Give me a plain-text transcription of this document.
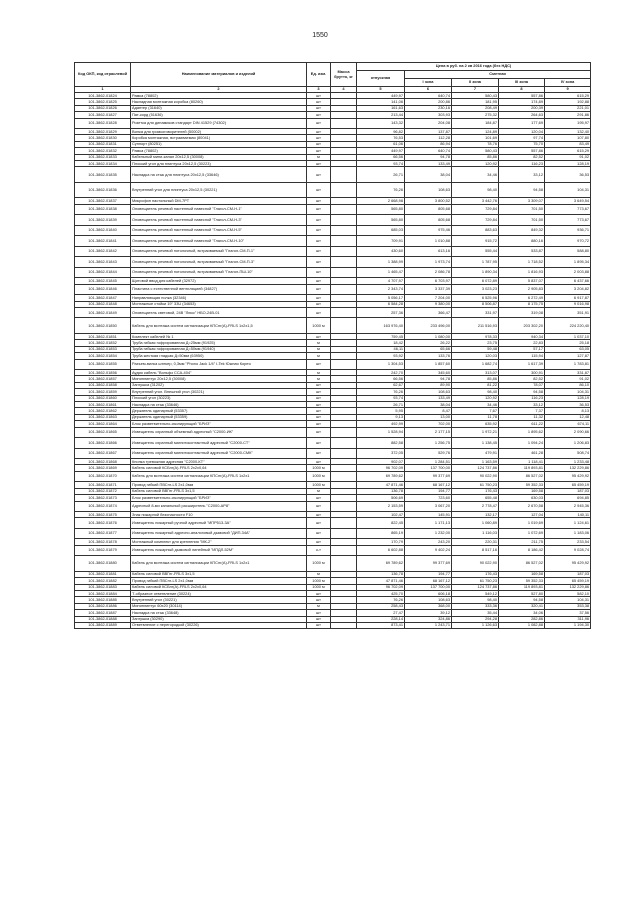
1550
Код ОКП, код отраслевой	Наименование материалов и изделий	Ед. изм.	Масса брутто, кг	Цена в руб. на 2 кв 2016 года (без НДС)				
				отпускная	Сметная			
					I зона	II зона	III зона	IV зона
1	2	3	4	5	6	7	8	9
101-3862-01824	Рамка (78802)	шт		449,97	640,74	580,43	557,86	615,29
101-3862-01825	Накладная монтажная коробка (80260)	шт		141,06	200,86	181,95	174,89	192,88
101-3862-01826	Адаптер (31640)	шт		161,63	230,16	208,49	200,39	221,01
101-3862-01827	Пат-корд (51636)	шт		213,44	303,93	275,32	264,63	291,86
101-3862-01828	Розетка для динамиков стандарт DIN 41529 (74302)	шт		143,32	204,08	184,87	177,69	195,97
101-3862-01829	Вилка для громкоговорителей (50002)	шт		96,82	137,87	124,89	120,04	132,40
101-3862-01830	Коробка монтажная, встраиваемая (80041)	шт		76,53	112,28	101,69	97,74	107,80
101-3862-01831	Суппорт (80251)	шт		61,06	86,94	78,76	75,70	83,49
101-3862-01832	Рамка (78802)	шт		449,97	640,74	580,43	557,86	615,29
101-3862-01833	Кабельный мини-канал 20х12,5 (30008)	м		66,56	94,78	85,86	82,52	91,02
101-3862-01834	Плоский угол для плинтуса 20х12,5 (30223)	шт		93,74	133,49	120,92	116,23	128,19
101-3862-01835	Накладка на стык для плинтуса 20х12,5 (33646)	шт		26,71	38,04	34,46	33,12	36,53
101-3862-01836	Внутренний угол для плинтуса 20х12,5 (30221)	шт		76,26	108,63	98,40	94,58	104,31
101-3862-01837	Микрофон настольный DM-7PT	шт		2 668,98	3 800,52	3 442,76	3 309,07	3 649,54
101-3862-01838	Оповещатель речевой настенный навесной "Глагол-СМ-Н-1"	шт		565,80	805,68	729,84	701,50	773,67
101-3862-01839	Оповещатель речевой настенный навесной "Глагол-СМ-Н-3"	шт		565,80	805,68	729,84	701,50	773,67
101-3862-01840	Оповещатель речевой настенный навесной "Глагол-СМ-Н-5"	шт		685,03	975,46	883,63	849,32	936,71
101-3862-01841	Оповещатель речевой настенный навесной "Глагол-СМ-Н-10"	шт		709,91	1 010,88	915,72	880,16	970,72
101-3862-01842	Оповещатель речевой потолочный, встраиваемый "Глагол-СМ-П-1"	шт		430,60	613,16	555,44	533,87	588,80
101-3862-01843	Оповещатель речевой потолочный, встраиваемый "Глагол-СМ-П-3"	шт		1 388,99	1 973,74	1 787,95	1 718,52	1 895,34
101-3862-01844	Оповещатель речевой потолочный, встраиваемый "Глагол-ПШ-10"	шт		1 465,47	2 086,78	1 890,34	1 816,93	2 003,88
101-3862-01845	Щитовой ввод для кабелей (32972)	шт		4 707,97	6 703,97	6 072,89	5 837,07	6 437,66
101-3862-01846	Пластина с естественной вентиляцией (34827)	шт		2 343,74	3 337,39	3 023,23	2 905,83	3 204,82
101-3862-01847	Направляющая полка (32346)	шт		5 056,17	7 204,00	6 525,96	6 272,49	6 917,87
101-3862-01848	Монтажные стойки 19" 33U (34653)	шт		6 584,28	9 380,00	8 506,87	8 175,75	9 016,98
101-3862-01849	Оповещатель световой, 24В "Люкс" НБО-24В-01	шт		257,36	366,47	331,97	319,08	351,91
101-3862-01850	Кабель для монтажа систем сигнализации КПСнг(А)-FRLS 1х2х1,5	1000 м		163 976,40	233 496,00	211 516,93	203 302,20	224 220,40
101-3862-01851	Комплект кабелей № 1	шт		759,45	1 080,00	978,33	940,34	1 037,10
101-3862-01852	Труба гибкая гофрированная Д=25мм (91925)	м		18,42	26,22	23,75	22,83	25,18
101-3862-01853	Труба гибкая гофрированная Д=50мм (91940)	м		46,11	65,66	59,48	57,17	63,05
101-3862-01854	Труба жесткая гладкая Д=50мм (63950)	м		93,92	133,76	120,03	115,94	127,87
101-3862-01855	Разъем-вилка штекер, 0,3мм "Phono Jack 1/4" I-Tek Южная Корея	шт		1 304,53	1 857,60	1 682,74	1 617,39	1 783,81
101-3862-01856	Аудио кабель "Вольфз CCA-404"	м		242,70	345,60	313,07	300,91	331,87
101-3862-01857	Миниплинтус 20х12,5 (30008)	м		66,56	94,78	85,86	82,52	91,02
101-3862-01858	Заглушка (31202)	шт		62,67	89,90	81,22	78,07	86,10
101-3862-01859	Внутренний угол. Внешний угол (30221)	шт		76,26	108,63	98,40	94,58	104,31
101-3862-01860	Плоский угол (30223)	шт		93,74	133,49	120,92	116,23	128,19
101-3862-01861	Накладка на стык (33646)	шт		26,71	38,04	34,46	33,12	36,53
101-3862-01862	Держатель одинарный (53357)	шт		5,95	8,47	7,67	7,37	8,13
101-3862-01863	Держатель одинарный (53359)	шт		9,13	13,00	11,78	11,32	12,48
101-3862-01864	Блок разветвительно-изолирующий "БРИЗ"	шт		492,99	702,00	635,92	611,22	674,11
101-3862-01865	Извещатель охранный объемный адресный "С2000-ИК"	шт		1 528,94	2 177,15	1 972,21	1 895,62	2 090,66
101-3862-01866	Извещатель охранный магнитоконтактный адресный "С2000-СТ"	шт		882,58	1 256,75	1 138,45	1 094,24	1 206,83
101-3862-01867	Извещатель охранный магнитоконтактный адресный "С2000-СМК"	шт		372,05	529,76	479,91	461,28	508,74
101-3862-01868	Кнопка тревожная адресная "С2000-КТ"	шт		902,07	1 284,51	1 163,59	1 118,41	1 233,48
101-3862-01869	Кабель силовой КСБнг(А)-FRLS 2х2х0,64	1000 м		96 702,09	137 700,00	124 737,86	119 893,81	132 229,86
101-3862-01870	Кабель для монтажа систем сигнализации КПСнг(А)-FRLS 1х2х1	1000 м		69 789,62	99 377,69	90 022,90	86 527,02	95 429,92
101-3862-01871	Провод гибкий ПВСнг-LS 2х1,0мм	1000 м		47 871,46	68 167,12	61 750,23	59 352,33	65 459,19
101-3862-01872	Кабель силовой ВВГнг-FRLS 3х1,5	м		136,78	194,77	176,43	169,58	187,03
101-3862-01873	Блок разветвительно-изолирующий "БРИЗ"	шт		506,69	723,60	655,48	630,03	694,85
101-3862-01874	Адресный 8-ми канальный расширитель "С2000-АР8"	шт		2 153,59	3 067,20	2 778,47	2 670,58	2 945,36
101-3862-01875	Знак пожарной безопасности F10	шт		102,47	145,91	132,17	127,04	140,11
101-3862-01876	Извещатель пожарный ручной адресный "ИПР513-3А"	шт		822,45	1 171,13	1 060,89	1 019,69	1 124,61
101-3862-01877	Извещатель пожарный адресно-аналоговый дымовой "ДИП-34А"	шт		865,19	1 232,00	1 116,03	1 072,69	1 183,06
101-3862-01878	Монтажный комплект для крепления "МК-2"	шт		170,79	243,20	220,31	211,75	233,54
101-3862-01879	Извещатель пожарный дымовой линейный "ИПДЛ-52М"	к-т		6 602,88	9 402,24	8 517,16	8 186,42	9 028,74
101-3862-01880	Кабель для монтажа систем сигнализации КПСнг(А)-FRLS 1х2х1	1000 м		69 789,62	99 377,69	90 022,90	86 527,02	95 429,92
101-3862-01881	Кабель силовой ВВГнг-FRLS 3х1,5	м		136,78	194,77	176,43	169,58	187,03
101-3862-01882	Провод гибкий ПВСнг-LS 2х1,0мм	1000 м		47 871,46	68 167,12	61 750,23	59 352,33	65 459,19
101-3862-01883	Кабель силовой КСБнг(А)-FRLS 2х2х0,64	1000 м		96 702,09	137 700,00	124 737,86	119 893,81	132 229,86
101-3862-01884	Т-образное ответвление (30224)	шт		425,70	606,18	549,12	527,80	582,10
101-3862-01885	Внутренний угол (30221)	шт		76,26	108,63	98,40	94,58	104,31
101-3862-01886	Миниплинтус 60х20 (30114)	м		258,43	368,00	333,36	320,41	353,38
101-3862-01887	Накладка на стык (33648)	шт		27,47	39,12	35,44	34,06	37,56
101-3862-01888	Заглушка (30290)	шт		228,14	324,86	294,28	282,86	311,96
101-3862-01889	Ответвление с перегородкой (30226)	шт		873,41	1 243,71	1 126,63	1 082,88	1 194,30
